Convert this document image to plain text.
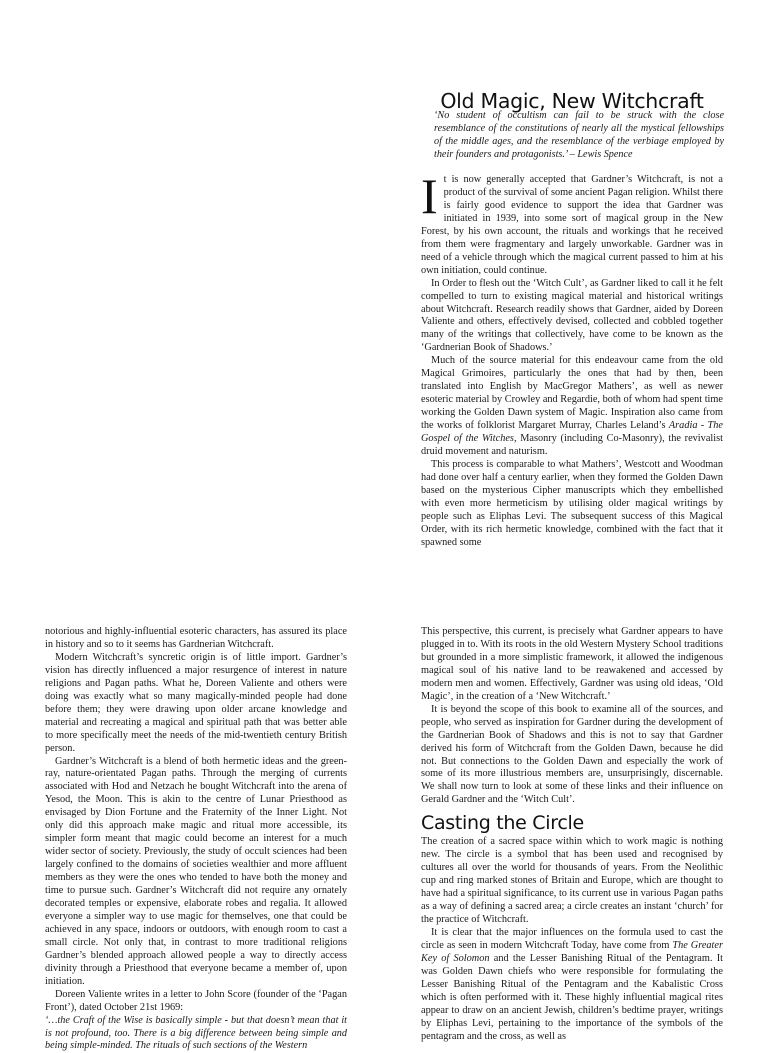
Old Magic, New Witchcraft

‘No student of occultism can fail to be struck with the close resemblance of the constitutions of nearly all the mystical fellowships of the middle ages, and the resemblance of the verbiage employed by their founders and protagonists.’ – Lewis Spence

It is now generally accepted that Gardner’s Witchcraft, is not a product of the survival of some ancient Pagan religion. Whilst there is fairly good evidence to support the idea that Gardner was initiated in 1939, into some sort of magical group in the New Forest, by his own account, the rituals and workings that he received from them were fragmentary and largely unworkable. Gardner was in need of a vehicle through which the magical current passed to him at his own initiation, could continue.

In Order to flesh out the ‘Witch Cult’, as Gardner liked to call it he felt compelled to turn to existing magical material and historical writings about Witchcraft. Research readily shows that Gardner, aided by Doreen Valiente and others, effectively devised, collected and cobbled together many of the writings that collectively, have come to be known as the ‘Gardnerian Book of Shadows.’

Much of the source material for this endeavour came from the old Magical Grimoires, particularly the ones that had by then, been translated into English by MacGregor Mathers’, as well as newer esoteric material by Crowley and Regardie, both of whom had spent time working the Golden Dawn system of Magic. Inspiration also came from the works of folklorist Margaret Murray, Charles Leland’s Aradia - The Gospel of the Witches, Masonry (including Co-Masonry), the revivalist druid movement and naturism.

This process is comparable to what Mathers’, Westcott and Woodman had done over half a century earlier, when they formed the Golden Dawn based on the mysterious Cipher manuscripts which they embellished with even more hermeticism by utilising older magical writings by people such as Eliphas Levi. The subsequent success of this Magical Order, with its rich hermetic knowledge, combined with the fact that it spawned some

notorious and highly-influential esoteric characters, has assured its place in history and so to it seems has Gardnerian Witchcraft.

Modern Witchcraft’s syncretic origin is of little import. Gardner’s vision has directly influenced a major resurgence of interest in nature religions and Pagan paths. What he, Doreen Valiente and others were doing was exactly what so many magically-minded people had done before them; they were drawing upon older arcane knowledge and material and recreating a magical and spiritual path that was better able to more specifically meet the needs of the mid-twentieth century British person.

Gardner’s Witchcraft is a blend of both hermetic ideas and the green-ray, nature-orientated Pagan paths. Through the merging of currents associated with Hod and Netzach he bought Witchcraft into the arena of Yesod, the Moon. This is akin to the centre of Lunar Priesthood as envisaged by Dion Fortune and the Fraternity of the Inner Light. Not only did this approach make magic and ritual more accessible, its simpler form meant that magic could become an interest for a much wider sector of society. Previously, the study of occult sciences had been largely confined to the domains of societies wealthier and more affluent members as they were the ones who tended to have both the money and time to pursue such. Gardner’s Witchcraft did not require any ornately decorated temples or expensive, elaborate robes and regalia. It allowed everyone a simpler way to use magic for themselves, one that could be achieved in any space, indoors or outdoors, with enough room to cast a small circle. Not only that, in contrast to more traditional religions Gardner’s blended approach allowed people a way to directly access divinity through a Priesthood that everyone became a member of, upon initiation.

Doreen Valiente writes in a letter to John Score (founder of the ‘Pagan Front’), dated October 21st 1969:

‘…the Craft of the Wise is basically simple - but that doesn’t mean that it is not profound, too. There is a big difference between being simple and being simple-minded. The rituals of such sections of the Western

This perspective, this current, is precisely what Gardner appears to have plugged in to. With its roots in the old Western Mystery School traditions but grounded in a more simplistic framework, it allowed the indigenous magical soul of his native land to be reawakened and accessed by modern men and women. Effectively, Gardner was using old ideas, ‘Old Magic’, in the creation of a ‘New Witchcraft.’

It is beyond the scope of this book to examine all of the sources, and people, who served as inspiration for Gardner during the development of the Gardnerian Book of Shadows and this is not to say that Gardner derived his form of Witchcraft from the Golden Dawn, because he did not. But connections to the Golden Dawn and especially the work of some of its more illustrious members are, unsurprisingly, discernable. We shall now turn to look at some of these links and their influence on Gerald Gardner and the ‘Witch Cult’.

Casting the Circle

The creation of a sacred space within which to work magic is nothing new. The circle is a symbol that has been used and recognised by cultures all over the world for thousands of years. From the Neolithic cup and ring marked stones of Britain and Europe, which are thought to have had a spiritual significance, to its current use in various Pagan paths as a way of defining a sacred area; a circle creates an instant ‘church’ for the practice of Witchcraft.

It is clear that the major influences on the formula used to cast the circle as seen in modern Witchcraft Today, have come from The Greater Key of Solomon and the Lesser Banishing Ritual of the Pentagram. It was Golden Dawn chiefs who were responsible for formulating the Lesser Banishing Ritual of the Pentagram and the Kabalistic Cross which is often performed with it. These highly influential magical rites appear to draw on an ancient Jewish, children’s bedtime prayer, writings by Eliphas Levi, pertaining to the importance of the symbols of the pentagram and the cross, as well as
